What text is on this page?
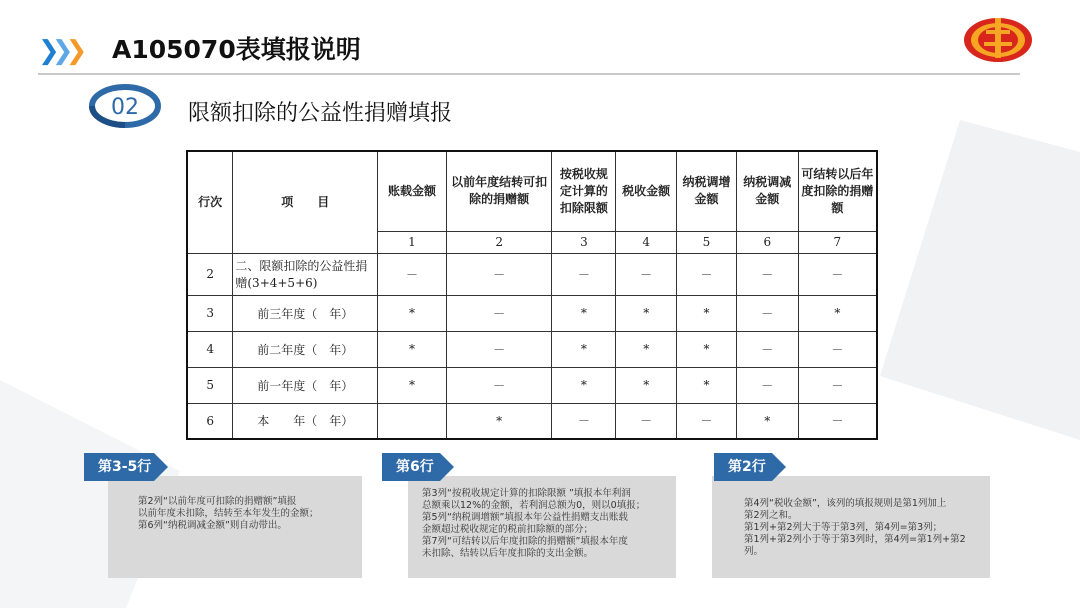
❯❯❯ A105070表填报说明
02 限额扣除的公益性捐赠填报
行次	项　　目	账载金额	以前年度结转可扣除的捐赠额	按税收规定计算的扣除限额	税收金额	纳税调增金额	纳税调减金额	可结转以后年度扣除的捐赠额
		1	2	3	4	5	6	7
2	二、限额扣除的公益性捐赠(3+4+5+6)	－	－	－	－	－	－	－
3	前三年度（　年）	*	－	*	*	*	－	*
4	前二年度（　年）	*	－	*	*	*	－	－
5	前一年度（　年）	*	－	*	*	*	－	－
6	本　　年（　年）		*	－	－	－	*	－
第3-5行
第2列“以前年度可扣除的捐赠额”填报
以前年度未扣除，结转至本年发生的金额；
第6列“纳税调减金额”则自动带出。
第6行
第3列“按税收规定计算的扣除限额 ”填报本年利润
总额乘以12%的金额，若利润总额为0，则以0填报；
第5列“纳税调增额”填报本年公益性捐赠支出账载
金额超过税收规定的税前扣除额的部分；
第7列“可结转以后年度扣除的捐赠额”填报本年度
未扣除、结转以后年度扣除的支出金额。
第2行
第4列“税收金额”，该列的填报规则是第1列加上
第2列之和。
第1列+第2列大于等于第3列，第4列=第3列；
第1列+第2列小于等于第3列时，第4列=第1列+第2
列。
